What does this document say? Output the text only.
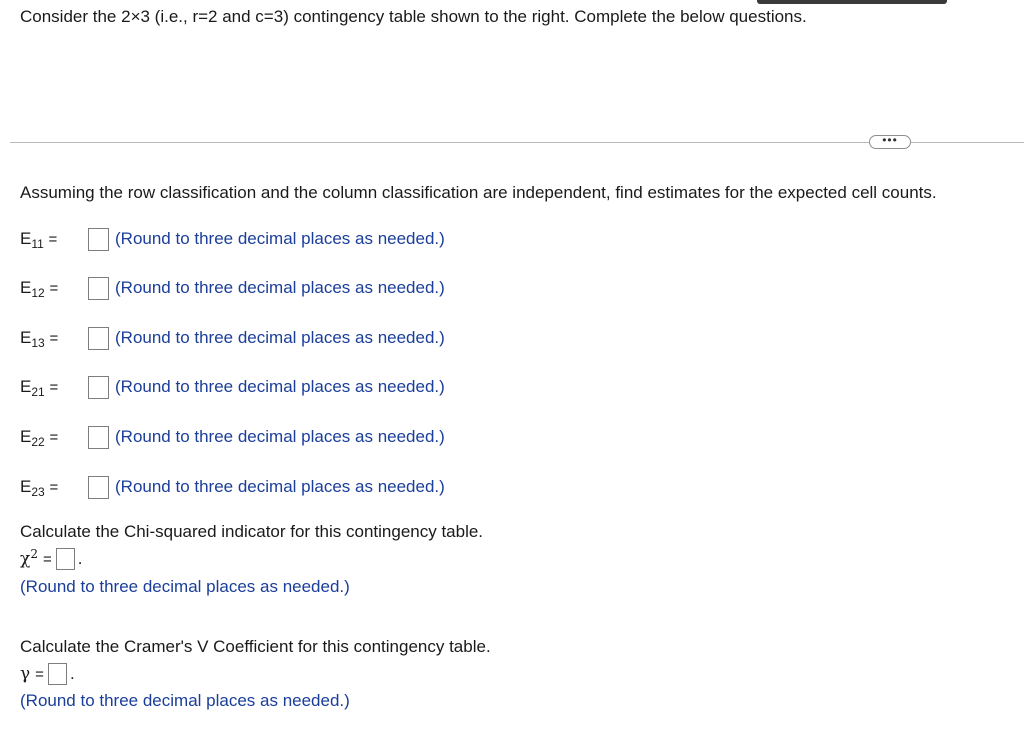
Consider the 2×3 (i.e., r=2 and c=3) contingency table shown to the right. Complete the below questions.
•••
Assuming the row classification and the column classification are independent, find estimates for the expected cell counts.
$E_{11}$ =	(Round to three decimal places as needed.)
$E_{12}$ =	(Round to three decimal places as needed.)
$E_{13}$ =	(Round to three decimal places as needed.)
$E_{21}$ =	(Round to three decimal places as needed.)
$E_{22}$ =	(Round to three decimal places as needed.)
$E_{23}$ =	(Round to three decimal places as needed.)
Calculate the Chi-squared indicator for this contingency table.
$\chi^2$ = .
(Round to three decimal places as needed.)
Calculate the Cramer's V Coefficient for this contingency table.
γ = .
(Round to three decimal places as needed.)
